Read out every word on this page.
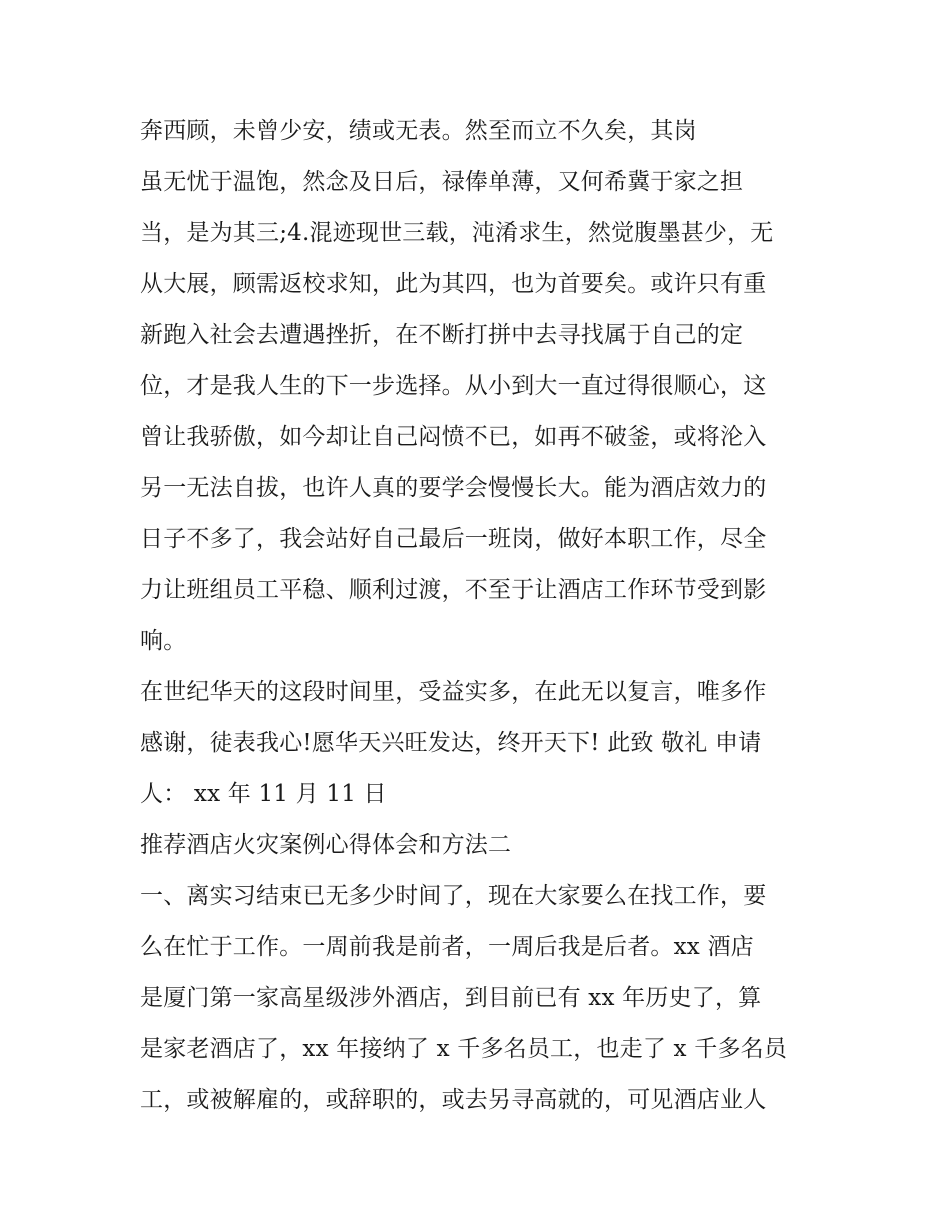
奔西顾，未曾少安，绩或无表。然至而立不久矣，其岗
虽无忧于温饱，然念及日后，禄俸单薄，又何希冀于家之担
当，是为其三;4.混迹现世三载，沌淆求生，然觉腹墨甚少，无
从大展，顾需返校求知，此为其四，也为首要矣。或许只有重
新跑入社会去遭遇挫折，在不断打拼中去寻找属于自己的定
位，才是我人生的下一步选择。从小到大一直过得很顺心，这
曾让我骄傲，如今却让自己闷愤不已，如再不破釜，或将沦入
另一无法自拔，也许人真的要学会慢慢长大。能为酒店效力的
日子不多了，我会站好自己最后一班岗，做好本职工作，尽全
力让班组员工平稳、顺利过渡，不至于让酒店工作环节受到影
响。
在世纪华天的这段时间里，受益实多，在此无以复言，唯多作
感谢，徒表我心!愿华天兴旺发达，终开天下! 此致 敬礼 申请
人： xx 年 11 月 11 日
推荐酒店火灾案例心得体会和方法二
一、离实习结束已无多少时间了，现在大家要么在找工作，要
么在忙于工作。一周前我是前者，一周后我是后者。xx 酒店
是厦门第一家高星级涉外酒店，到目前已有 xx 年历史了，算
是家老酒店了，xx 年接纳了 x 千多名员工，也走了 x 千多名员
工，或被解雇的，或辞职的，或去另寻高就的，可见酒店业人
